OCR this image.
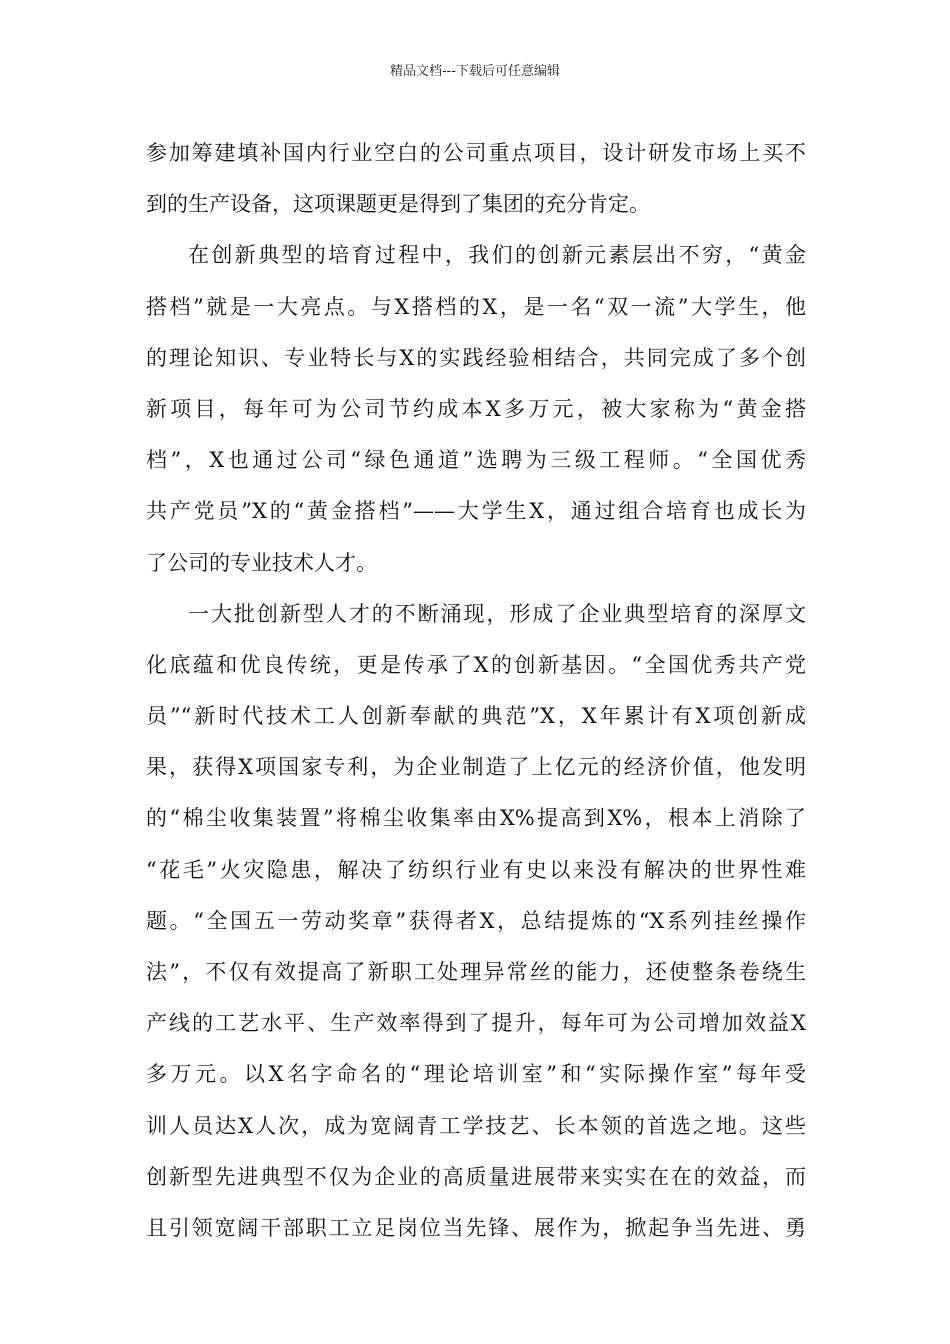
精品文档---下载后可任意编辑
参加筹建填补国内行业空白的公司重点项目，设计研发市场上买不
到的生产设备，这项课题更是得到了集团的充分肯定。
在创新典型的培育过程中，我们的创新元素层出不穷，“黄金
搭档”就是一大亮点。与X搭档的X，是一名“双一流”大学生，他
的理论知识、专业特长与X的实践经验相结合，共同完成了多个创
新项目，每年可为公司节约成本X多万元，被大家称为“黄金搭
档”，X也通过公司“绿色通道”选聘为三级工程师。“全国优秀
共产党员”X的“黄金搭档”——大学生X，通过组合培育也成长为
了公司的专业技术人才。
一大批创新型人才的不断涌现，形成了企业典型培育的深厚文
化底蕴和优良传统，更是传承了X的创新基因。“全国优秀共产党
员”“新时代技术工人创新奉献的典范”X，X年累计有X项创新成
果，获得X项国家专利，为企业制造了上亿元的经济价值，他发明
的“棉尘收集装置”将棉尘收集率由X%提高到X%，根本上消除了
“花毛”火灾隐患，解决了纺织行业有史以来没有解决的世界性难
题。“全国五一劳动奖章”获得者X，总结提炼的“X系列挂丝操作
法”，不仅有效提高了新职工处理异常丝的能力，还使整条卷绕生
产线的工艺水平、生产效率得到了提升，每年可为公司增加效益X
多万元。以X名字命名的“理论培训室”和“实际操作室”每年受
训人员达X人次，成为宽阔青工学技艺、长本领的首选之地。这些
创新型先进典型不仅为企业的高质量进展带来实实在在的效益，而
且引领宽阔干部职工立足岗位当先锋、展作为，掀起争当先进、勇
